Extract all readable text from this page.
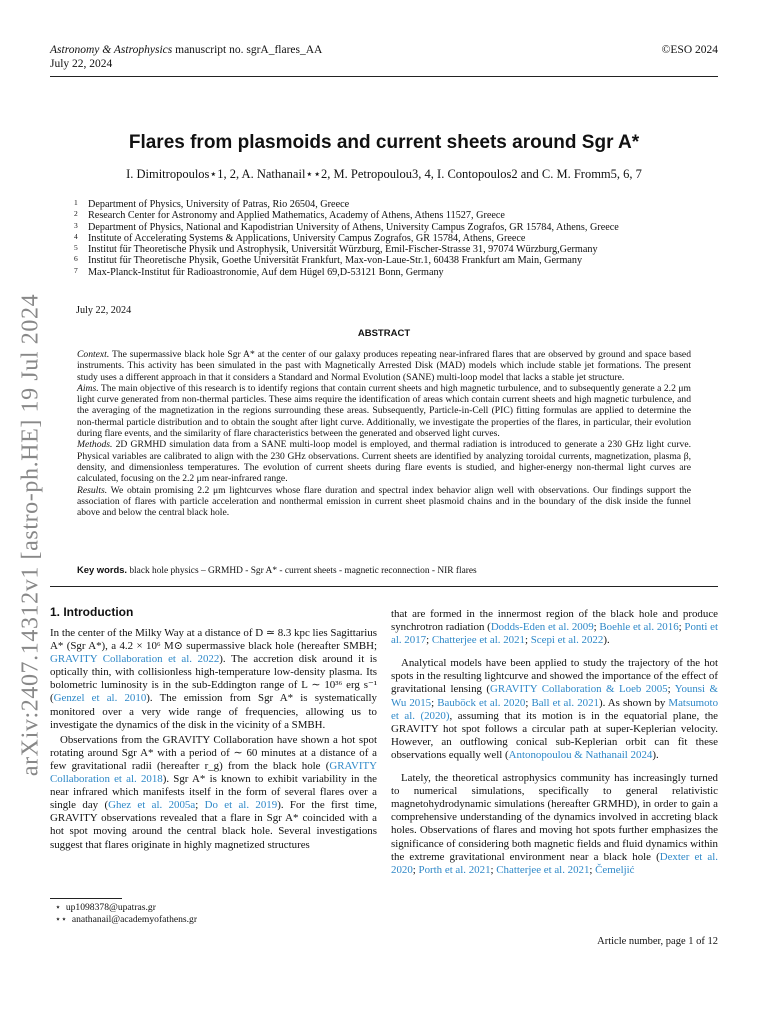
Astronomy & Astrophysics manuscript no. sgrA_flares_AA
July 22, 2024
©ESO 2024
arXiv:2407.14312v1 [astro-ph.HE] 19 Jul 2024
Flares from plasmoids and current sheets around Sgr A*
I. Dimitropoulos⋆1, 2, A. Nathanail⋆⋆2, M. Petropoulou3, 4, I. Contopoulos2 and C. M. Fromm5, 6, 7
1 Department of Physics, University of Patras, Rio 26504, Greece
2 Research Center for Astronomy and Applied Mathematics, Academy of Athens, Athens 11527, Greece
3 Department of Physics, National and Kapodistrian University of Athens, University Campus Zografos, GR 15784, Athens, Greece
4 Institute of Accelerating Systems & Applications, University Campus Zografos, GR 15784, Athens, Greece
5 Institut für Theoretische Physik und Astrophysik, Universität Würzburg, Emil-Fischer-Strasse 31, 97074 Würzburg,Germany
6 Institut für Theoretische Physik, Goethe Universität Frankfurt, Max-von-Laue-Str.1, 60438 Frankfurt am Main, Germany
7 Max-Planck-Institut für Radioastronomie, Auf dem Hügel 69,D-53121 Bonn, Germany
July 22, 2024
ABSTRACT

Context. The supermassive black hole Sgr A* at the center of our galaxy produces repeating near-infrared flares that are observed by ground and space based instruments. This activity has been simulated in the past with Magnetically Arrested Disk (MAD) models which include stable jet formations. The present study uses a different approach in that it considers a Standard and Normal Evolution (SANE) multi-loop model that lacks a stable jet structure.

Aims. The main objective of this research is to identify regions that contain current sheets and high magnetic turbulence, and to subsequently generate a 2.2 μm light curve generated from non-thermal particles. These aims require the identification of areas which contain current sheets and high magnetic turbulence, and the averaging of the magnetization in the regions surrounding these areas. Subsequently, Particle-in-Cell (PIC) fitting formulas are applied to determine the non-thermal particle distribution and to obtain the sought after light curve. Additionally, we investigate the properties of the flares, in particular, their evolution during flare events, and the similarity of flare characteristics between the generated and observed light curves.

Methods. 2D GRMHD simulation data from a SANE multi-loop model is employed, and thermal radiation is introduced to generate a 230 GHz light curve. Physical variables are calibrated to align with the 230 GHz observations. Current sheets are identified by analyzing toroidal currents, magnetization, plasma β, density, and dimensionless temperatures. The evolution of current sheets during flare events is studied, and higher-energy non-thermal light curves are calculated, focusing on the 2.2 μm near-infrared range.

Results. We obtain promising 2.2 μm lightcurves whose flare duration and spectral index behavior align well with observations. Our findings support the association of flares with particle acceleration and nonthermal emission in current sheet plasmoid chains and in the boundary of the disk inside the funnel above and below the central black hole.

Key words. black hole physics – GRMHD - Sgr A* - current sheets - magnetic reconnection - NIR flares
1. Introduction

In the center of the Milky Way at a distance of D ≃ 8.3 kpc lies Sagittarius A* (Sgr A*), a 4.2 × 10⁶ M⊙ supermassive black hole (hereafter SMBH; GRAVITY Collaboration et al. 2022). The accretion disk around it is optically thin, with collisionless high-temperature low-density plasma. Its bolometric luminosity is in the sub-Eddington range of L ∼ 10³⁶ erg s⁻¹ (Genzel et al. 2010). The emission from Sgr A* is systematically monitored over a very wide range of frequencies, allowing us to investigate the dynamics of the disk in the vicinity of a SMBH.

Observations from the GRAVITY Collaboration have shown a hot spot rotating around Sgr A* with a period of ∼ 60 minutes at a distance of a few gravitational radii (hereafter r_g) from the black hole (GRAVITY Collaboration et al. 2018). Sgr A* is known to exhibit variability in the near infrared which manifests itself in the form of several flares over a single day (Ghez et al. 2005a; Do et al. 2019). For the first time, GRAVITY observations revealed that a flare in Sgr A* coincided with a hot spot moving around the central black hole. Several investigations suggest that flares originate in highly magnetized structures

that are formed in the innermost region of the black hole and produce synchrotron radiation (Dodds-Eden et al. 2009; Boehle et al. 2016; Ponti et al. 2017; Chatterjee et al. 2021; Scepi et al. 2022).

Analytical models have been applied to study the trajectory of the hot spots in the resulting lightcurve and showed the importance of the effect of gravitational lensing (GRAVITY Collaboration & Loeb 2005; Younsi & Wu 2015; Bauböck et al. 2020; Ball et al. 2021). As shown by Matsumoto et al. (2020), assuming that its motion is in the equatorial plane, the GRAVITY hot spot follows a circular path at super-Keplerian velocity. However, an outflowing conical sub-Keplerian orbit can fit these observations equally well (Antonopoulou & Nathanail 2024).

Lately, the theoretical astrophysics community has increasingly turned to numerical simulations, specifically to general relativistic magnetohydrodynamic simulations (hereafter GRMHD), in order to gain a comprehensive understanding of the dynamics involved in accreting black holes. Observations of flares and moving hot spots further emphasizes the significance of considering both magnetic fields and fluid dynamics within the extreme gravitational environment near a black hole (Dexter et al. 2020; Porth et al. 2021; Chatterjee et al. 2021; Čemeljić

⋆ up1098378@upatras.gr
⋆⋆ anathanail@academyofathens.gr
Article number, page 1 of 12
